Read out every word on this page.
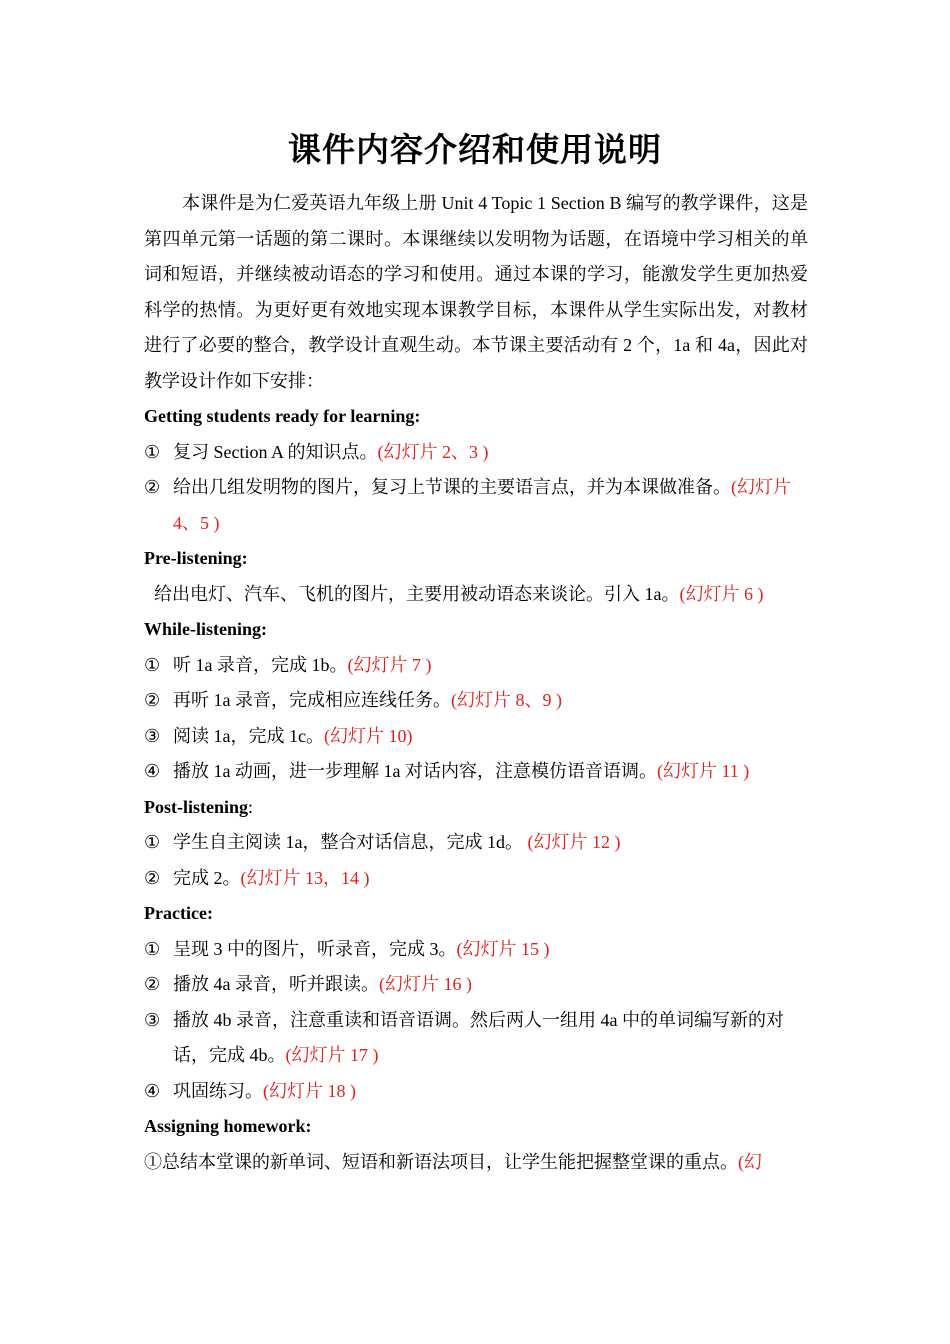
课件内容介绍和使用说明

本课件是为仁爱英语九年级上册 Unit 4 Topic 1 Section B 编写的教学课件，这是第四单元第一话题的第二课时。本课继续以发明物为话题，在语境中学习相关的单词和短语，并继续被动语态的学习和使用。通过本课的学习，能激发学生更加热爱科学的热情。为更好更有效地实现本课教学目标，本课件从学生实际出发，对教材进行了必要的整合，教学设计直观生动。本节课主要活动有 2 个，1a 和 4a，因此对教学设计作如下安排：

Getting students ready for learning:

① 复习 Section A 的知识点。(幻灯片 2、3 )
② 给出几组发明物的图片，复习上节课的主要语言点，并为本课做准备。(幻灯片 4、5 )

Pre-listening:

给出电灯、汽车、飞机的图片，主要用被动语态来谈论。引入 1a。(幻灯片 6 )

While-listening:

① 听 1a 录音，完成 1b。(幻灯片 7 )
② 再听 1a 录音，完成相应连线任务。(幻灯片 8、9 )
③ 阅读 1a，完成 1c。(幻灯片 10)
④ 播放 1a 动画，进一步理解 1a 对话内容，注意模仿语音语调。(幻灯片 11 )

Post-listening:

① 学生自主阅读 1a，整合对话信息，完成 1d。 (幻灯片 12 )
② 完成 2。(幻灯片 13，14 )

Practice:

① 呈现 3 中的图片，听录音，完成 3。(幻灯片 15 )
② 播放 4a 录音，听并跟读。(幻灯片 16 )
③ 播放 4b 录音，注意重读和语音语调。然后两人一组用 4a 中的单词编写新的对话，完成 4b。(幻灯片 17 )
④ 巩固练习。(幻灯片 18 )

Assigning homework:

①总结本堂课的新单词、短语和新语法项目，让学生能把握整堂课的重点。(幻
